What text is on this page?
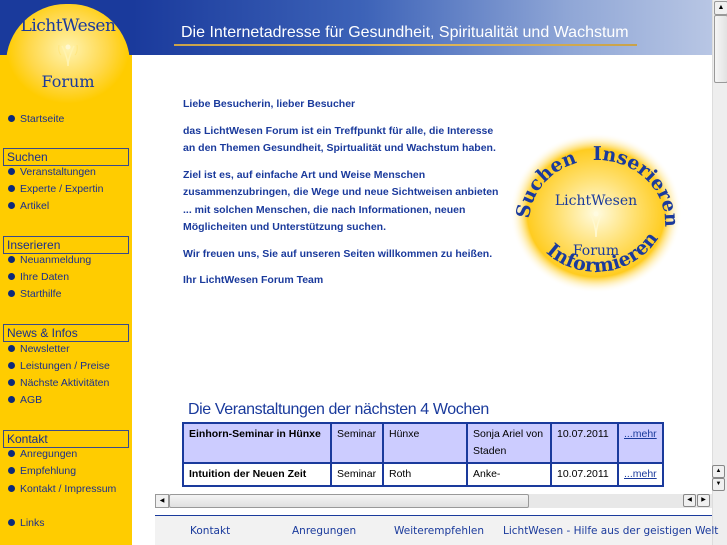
LichtWesen
Forum
Startseite
Suchen
Veranstaltungen
Experte / Expertin
Artikel
Inserieren
Neuanmeldung
Ihre Daten
Starthilfe
News & Infos
Newsletter
Leistungen / Preise
Nächste Aktivitäten
AGB
Kontakt
Anregungen
Empfehlung
Kontakt / Impressum
Links
Die Internetadresse für Gesundheit, Spiritualität und Wachstum
▲

Liebe Besucherin, lieber Besucher

das LichtWesen Forum ist ein Treffpunkt für alle, die Interesse an den Themen Gesundheit, Spirtualität und Wachstum haben.

Ziel ist es, auf einfache Art und Weise Menschen zusammenzubringen, die Wege und neue Sichtweisen anbieten

... mit solchen Menschen, die nach Informationen, neuen Möglicheiten und Unterstützung suchen.

Wir freuen uns, Sie auf unseren Seiten willkommen zu heißen.

Ihr LichtWesen Forum Team

Suchen Inserieren
Informieren
LichtWesen
Forum
Die Veranstaltungen der nächsten 4 Wochen
Einhorn-Seminar in Hünxe	Seminar	Hünxe	Sonja Ariel von Staden	10.07.2011	...mehr
Intuition der Neuen Zeit	Seminar	Roth	Anke-	10.07.2011	...mehr	▲
▼
◀	◀	▶
Kontakt	Anregungen	Weiterempfehlen LichtWesen - Hilfe aus der geistigen Welt
